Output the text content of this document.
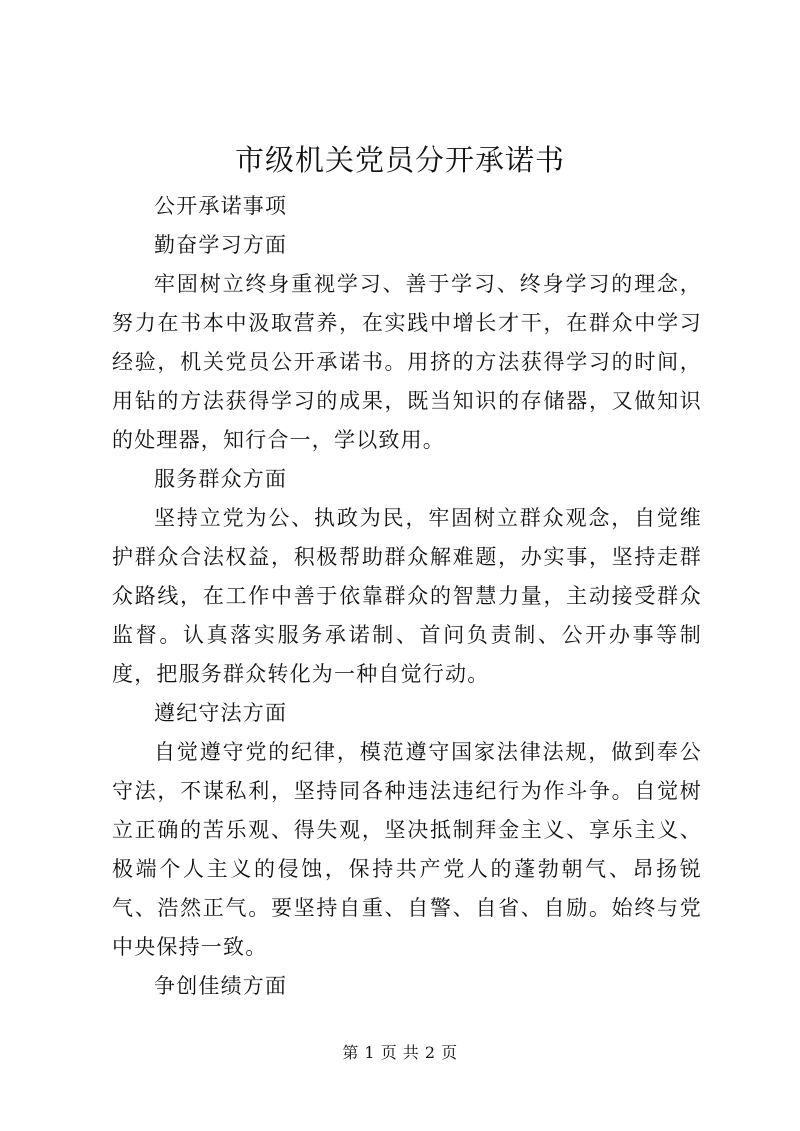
市级机关党员分开承诺书

公开承诺事项

勤奋学习方面

牢固树立终身重视学习、善于学习、终身学习的理念，努力在书本中汲取营养，在实践中增长才干，在群众中学习经验，机关党员公开承诺书。用挤的方法获得学习的时间，用钻的方法获得学习的成果，既当知识的存储器，又做知识的处理器，知行合一，学以致用。

服务群众方面

坚持立党为公、执政为民，牢固树立群众观念，自觉维护群众合法权益，积极帮助群众解难题，办实事，坚持走群众路线，在工作中善于依靠群众的智慧力量，主动接受群众监督。认真落实服务承诺制、首问负责制、公开办事等制度，把服务群众转化为一种自觉行动。

遵纪守法方面

自觉遵守党的纪律，模范遵守国家法律法规，做到奉公守法，不谋私利，坚持同各种违法违纪行为作斗争。自觉树立正确的苦乐观、得失观，坚决抵制拜金主义、享乐主义、极端个人主义的侵蚀，保持共产党人的蓬勃朝气、昂扬锐气、浩然正气。要坚持自重、自警、自省、自励。始终与党中央保持一致。

争创佳绩方面

第 1 页 共 2 页
